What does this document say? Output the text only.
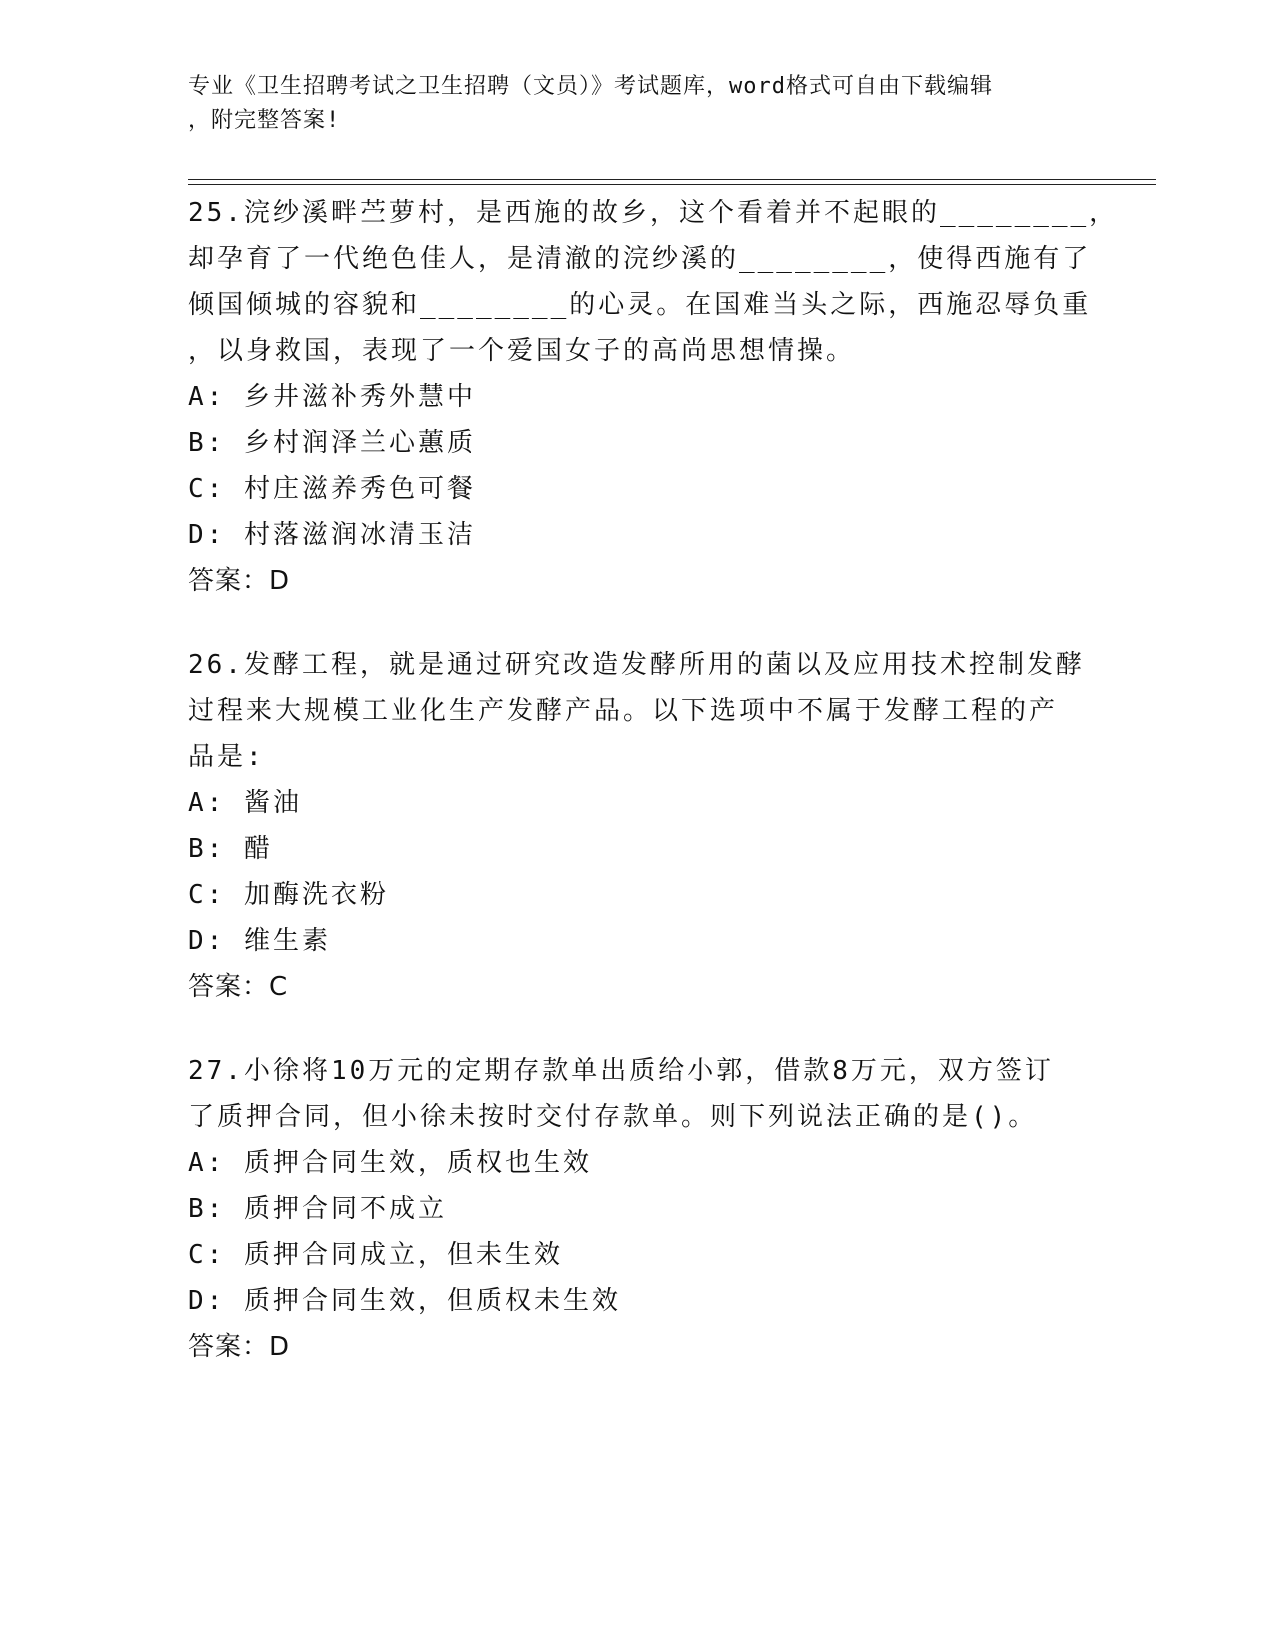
专业《卫生招聘考试之卫生招聘（文员）》考试题库，word格式可自由下载编辑
，附完整答案!
25.浣纱溪畔苎萝村，是西施的故乡，这个看着并不起眼的________，
却孕育了一代绝色佳人，是清澈的浣纱溪的________，使得西施有了
倾国倾城的容貌和________的心灵。在国难当头之际，西施忍辱负重
，以身救国，表现了一个爱国女子的高尚思想情操。
A: 乡井滋补秀外慧中
B: 乡村润泽兰心蕙质
C: 村庄滋养秀色可餐
D: 村落滋润冰清玉洁
答案：D
26.发酵工程，就是通过研究改造发酵所用的菌以及应用技术控制发酵
过程来大规模工业化生产发酵产品。以下选项中不属于发酵工程的产
品是:
A: 酱油
B: 醋
C: 加酶洗衣粉
D: 维生素
答案：C
27.小徐将10万元的定期存款单出质给小郭，借款8万元，双方签订
了质押合同，但小徐未按时交付存款单。则下列说法正确的是()。
A: 质押合同生效，质权也生效
B: 质押合同不成立
C: 质押合同成立，但未生效
D: 质押合同生效，但质权未生效
答案：D
